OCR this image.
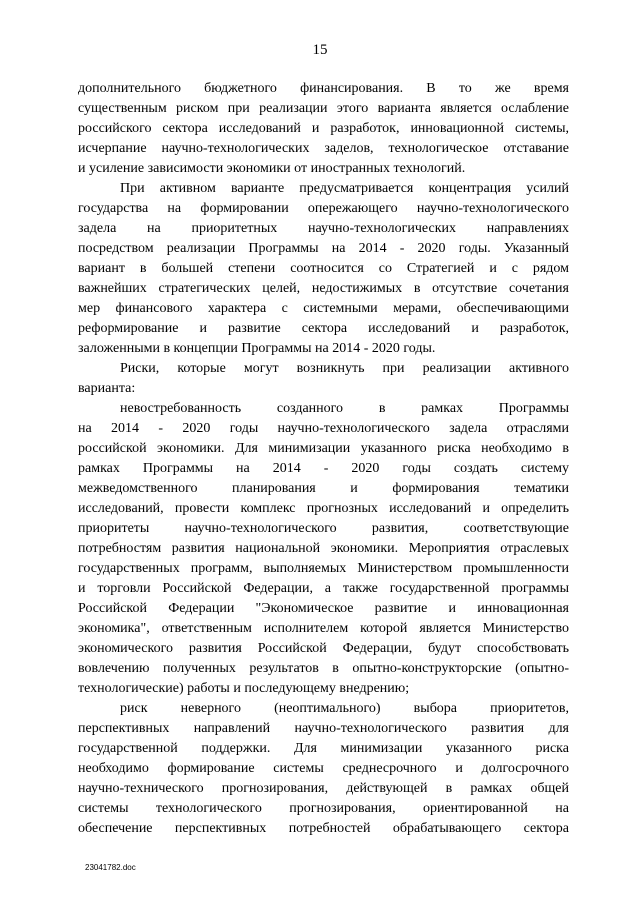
15
дополнительного бюджетного финансирования. В то же время
существенным риском при реализации этого варианта является ослабление
российского сектора исследований и разработок, инновационной системы,
исчерпание научно-технологических заделов, технологическое отставание
и усиление зависимости экономики от иностранных технологий.
При активном варианте предусматривается концентрация усилий
государства на формировании опережающего научно-технологического
задела на приоритетных научно-технологических направлениях
посредством реализации Программы на 2014 - 2020 годы. Указанный
вариант в большей степени соотносится со Стратегией и с рядом
важнейших стратегических целей, недостижимых в отсутствие сочетания
мер финансового характера с системными мерами, обеспечивающими
реформирование и развитие сектора исследований и разработок,
заложенными в концепции Программы на 2014 - 2020 годы.
Риски, которые могут возникнуть при реализации активного
варианта:
невостребованность созданного в рамках Программы
на 2014 - 2020 годы научно-технологического задела отраслями
российской экономики. Для минимизации указанного риска необходимо в
рамках Программы на 2014 - 2020 годы создать систему
межведомственного планирования и формирования тематики
исследований, провести комплекс прогнозных исследований и определить
приоритеты научно-технологического развития, соответствующие
потребностям развития национальной экономики. Мероприятия отраслевых
государственных программ, выполняемых Министерством промышленности
и торговли Российской Федерации, а также государственной программы
Российской Федерации "Экономическое развитие и инновационная
экономика", ответственным исполнителем которой является Министерство
экономического развития Российской Федерации, будут способствовать
вовлечению полученных результатов в опытно-конструкторские (опытно-
технологические) работы и последующему внедрению;
риск неверного (неоптимального) выбора приоритетов,
перспективных направлений научно-технологического развития для
государственной поддержки. Для минимизации указанного риска
необходимо формирование системы среднесрочного и долгосрочного
научно-технического прогнозирования, действующей в рамках общей
системы технологического прогнозирования, ориентированной на
обеспечение перспективных потребностей обрабатывающего сектора
23041782.doc
